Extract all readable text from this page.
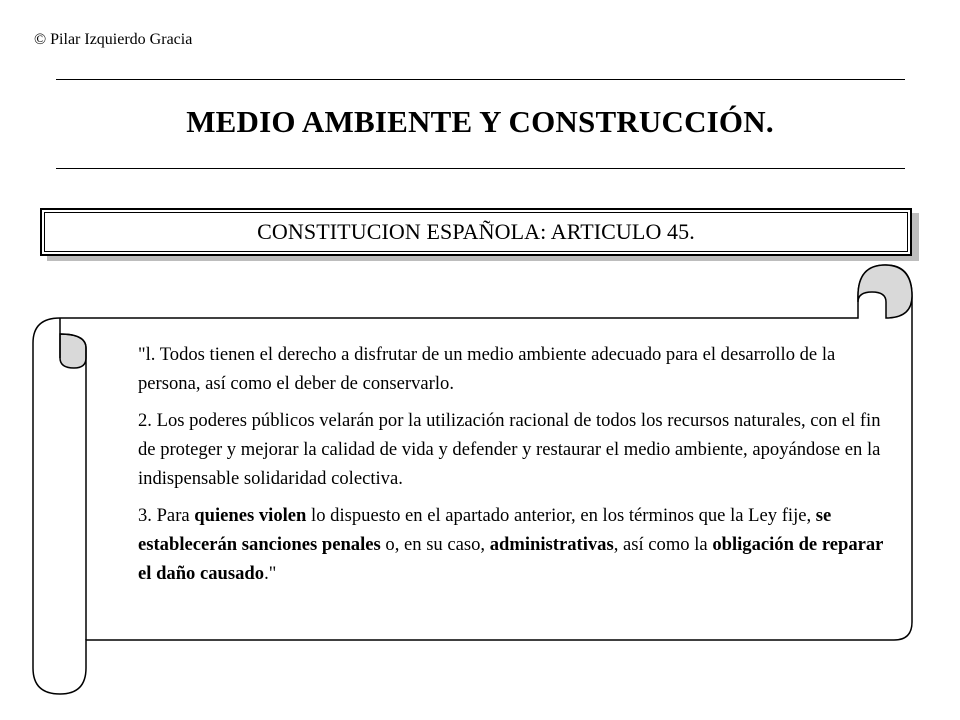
© Pilar Izquierdo Gracia
MEDIO AMBIENTE Y CONSTRUCCIÓN.
CONSTITUCION ESPAÑOLA: ARTICULO 45.

"l. Todos tienen el derecho a disfrutar de un medio ambiente adecuado para el desarrollo de la persona, así como el deber de conservarlo.

2. Los poderes públicos velarán por la utilización racional de todos los recursos naturales, con el fin de proteger y mejorar la calidad de vida y defender y restaurar el medio ambiente, apoyándose en la indispensable solidaridad colectiva.

3. Para quienes violen lo dispuesto en el apartado anterior, en los términos que la Ley fije, se establecerán sanciones penales o, en su caso, administrativas, así como la obligación de reparar el daño causado."
